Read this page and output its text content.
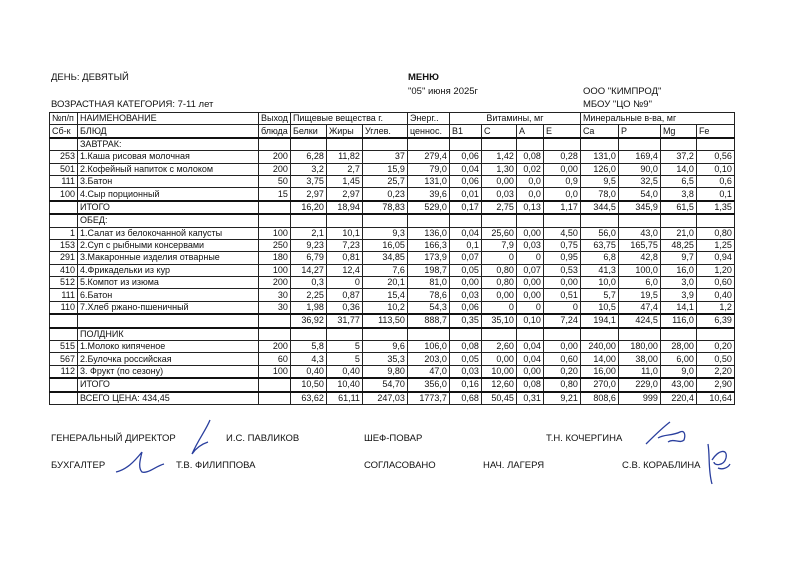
ДЕНЬ: ДЕВЯТЫЙ	МЕНЮ
"05" июня 2025г	ООО "КИМПРОД"
ВОЗРАСТНАЯ КАТЕГОРИЯ: 7-11 лет	МБОУ "ЦО №9"
№п/п	НАИМЕНОВАНИЕ	Выход	Пищевые вещества г.			Энерг..	Витамины, мг				Минеральные в-ва, мг			
Сб-к	БЛЮД	блюда	Белки	Жиры	Углев.	ценнос.	В1	С	А	Е	Ca	P	Mg	Fe
	ЗАВТРАК:													
253	1.Каша рисовая молочная	200	6,28	11,82	37	279,4	0,06	1,42	0,08	0,28	131,0	169,4	37,2	0,56
501	2.Кофейный напиток с молоком	200	3,2	2,7	15,9	79,0	0,04	1,30	0,02	0,00	126,0	90,0	14,0	0,10
111	3.Батон	50	3,75	1,45	25,7	131,0	0,06	0,00	0,0	0,9	9,5	32,5	6,5	0,6
100	4.Сыр порционный	15	2,97	2,97	0,23	39,6	0,01	0,03	0,0	0,0	78,0	54,0	3,8	0,1
	ИТОГО		16,20	18,94	78,83	529,0	0,17	2,75	0,13	1,17	344,5	345,9	61,5	1,35
	ОБЕД:													
1	1.Салат из белокочанной капусты	100	2,1	10,1	9,3	136,0	0,04	25,60	0,00	4,50	56,0	43,0	21,0	0,80
153	2.Суп с рыбными консервами	250	9,23	7,23	16,05	166,3	0,1	7,9	0,03	0,75	63,75	165,75	48,25	1,25
291	3.Макаронные изделия отварные	180	6,79	0,81	34,85	173,9	0,07	0	0	0,95	6,8	42,8	9,7	0,94
410	4.Фрикадельки из кур	100	14,27	12,4	7,6	198,7	0,05	0,80	0,07	0,53	41,3	100,0	16,0	1,20
512	5.Компот из изюма	200	0,3	0	20,1	81,0	0,00	0,80	0,00	0,00	10,0	6,0	3,0	0,60
111	6.Батон	30	2,25	0,87	15,4	78,6	0,03	0,00	0,00	0,51	5,7	19,5	3,9	0,40
110	7.Хлеб ржано-пшеничный	30	1,98	0,36	10,2	54,3	0,06	0	0	0	10,5	47,4	14,1	1,2
			36,92	31,77	113,50	888,7	0,35	35,10	0,10	7,24	194,1	424,5	116,0	6,39
	ПОЛДНИК													
515	1.Молоко кипяченое	200	5,8	5	9,6	106,0	0,08	2,60	0,04	0,00	240,00	180,00	28,00	0,20
567	2.Булочка российская	60	4,3	5	35,3	203,0	0,05	0,00	0,04	0,60	14,00	38,00	6,00	0,50
112	3. Фрукт (по сезону)	100	0,40	0,40	9,80	47,0	0,03	10,00	0,00	0,20	16,00	11,0	9,0	2,20
	ИТОГО		10,50	10,40	54,70	356,0	0,16	12,60	0,08	0,80	270,0	229,0	43,00	2,90
	ВСЕГО ЦЕНА: 434,45		63,62	61,11	247,03	1773,7	0,68	50,45	0,31	9,21	808,6	999	220,4	10,64
ГЕНЕРАЛЬНЫЙ ДИРЕКТОР	И.С. ПАВЛИКОВ	ШЕФ-ПОВАР	Т.Н. КОЧЕРГИНА
БУХГАЛТЕР	Т.В. ФИЛИППОВА	СОГЛАСОВАНО	НАЧ. ЛАГЕРЯ	С.В. КОРАБЛИНА
